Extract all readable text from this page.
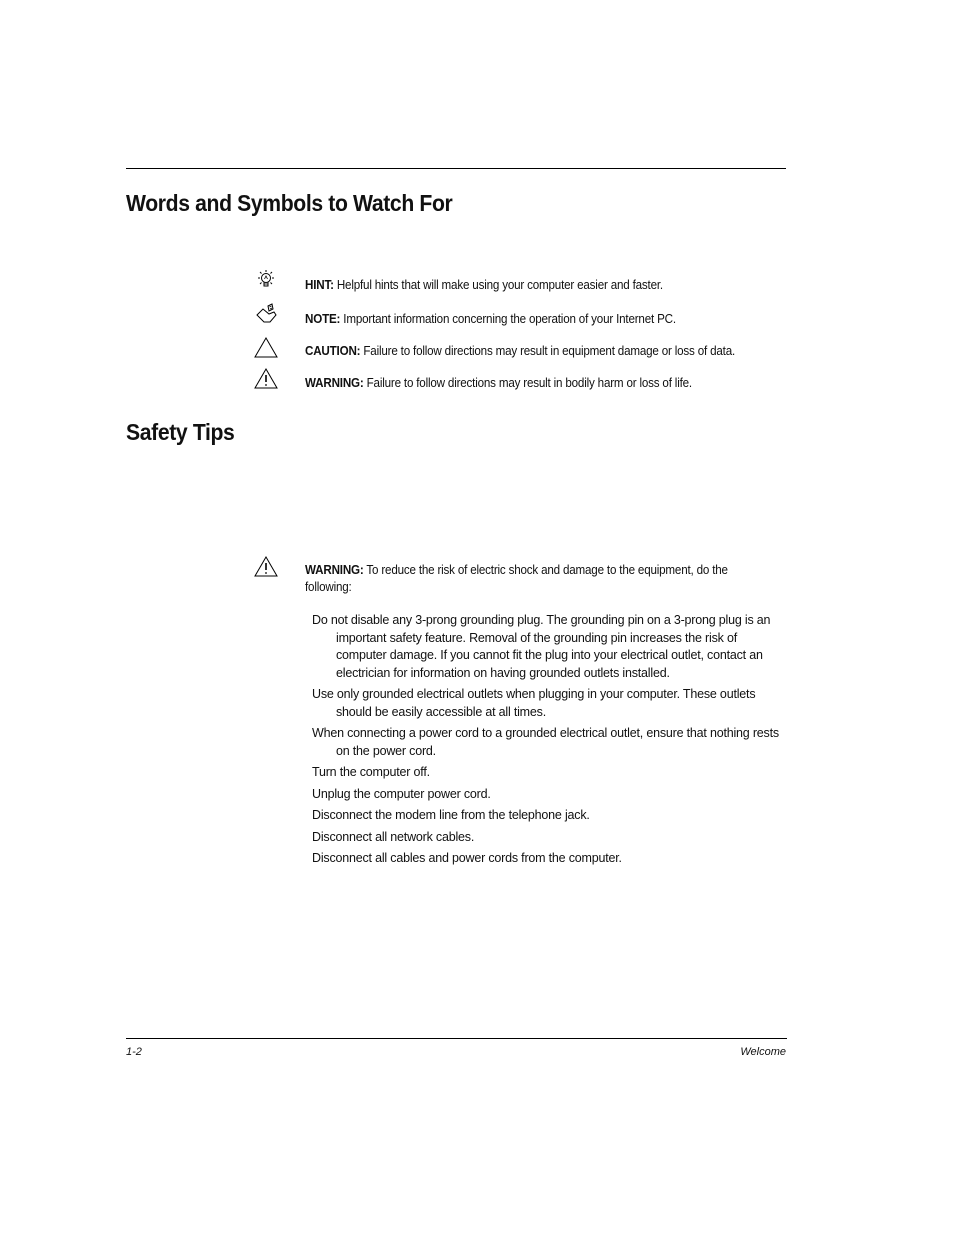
Words and Symbols to Watch For
HINT: Helpful hints that will make using your computer easier and faster.
NOTE: Important information concerning the operation of your Internet PC.
CAUTION: Failure to follow directions may result in equipment damage or loss of data.
WARNING: Failure to follow directions may result in bodily harm or loss of life.
Safety Tips
WARNING: To reduce the risk of electric shock and damage to the equipment, do the following:
Do not disable any 3-prong grounding plug. The grounding pin on a 3-prong plug is an important safety feature. Removal of the grounding pin increases the risk of computer damage. If you cannot fit the plug into your electrical outlet, contact an electrician for information on having grounded outlets installed.
Use only grounded electrical outlets when plugging in your computer. These outlets should be easily accessible at all times.
When connecting a power cord to a grounded electrical outlet, ensure that nothing rests on the power cord.
Turn the computer off.
Unplug the computer power cord.
Disconnect the modem line from the telephone jack.
Disconnect all network cables.
Disconnect all cables and power cords from the computer.
1-2	Welcome
